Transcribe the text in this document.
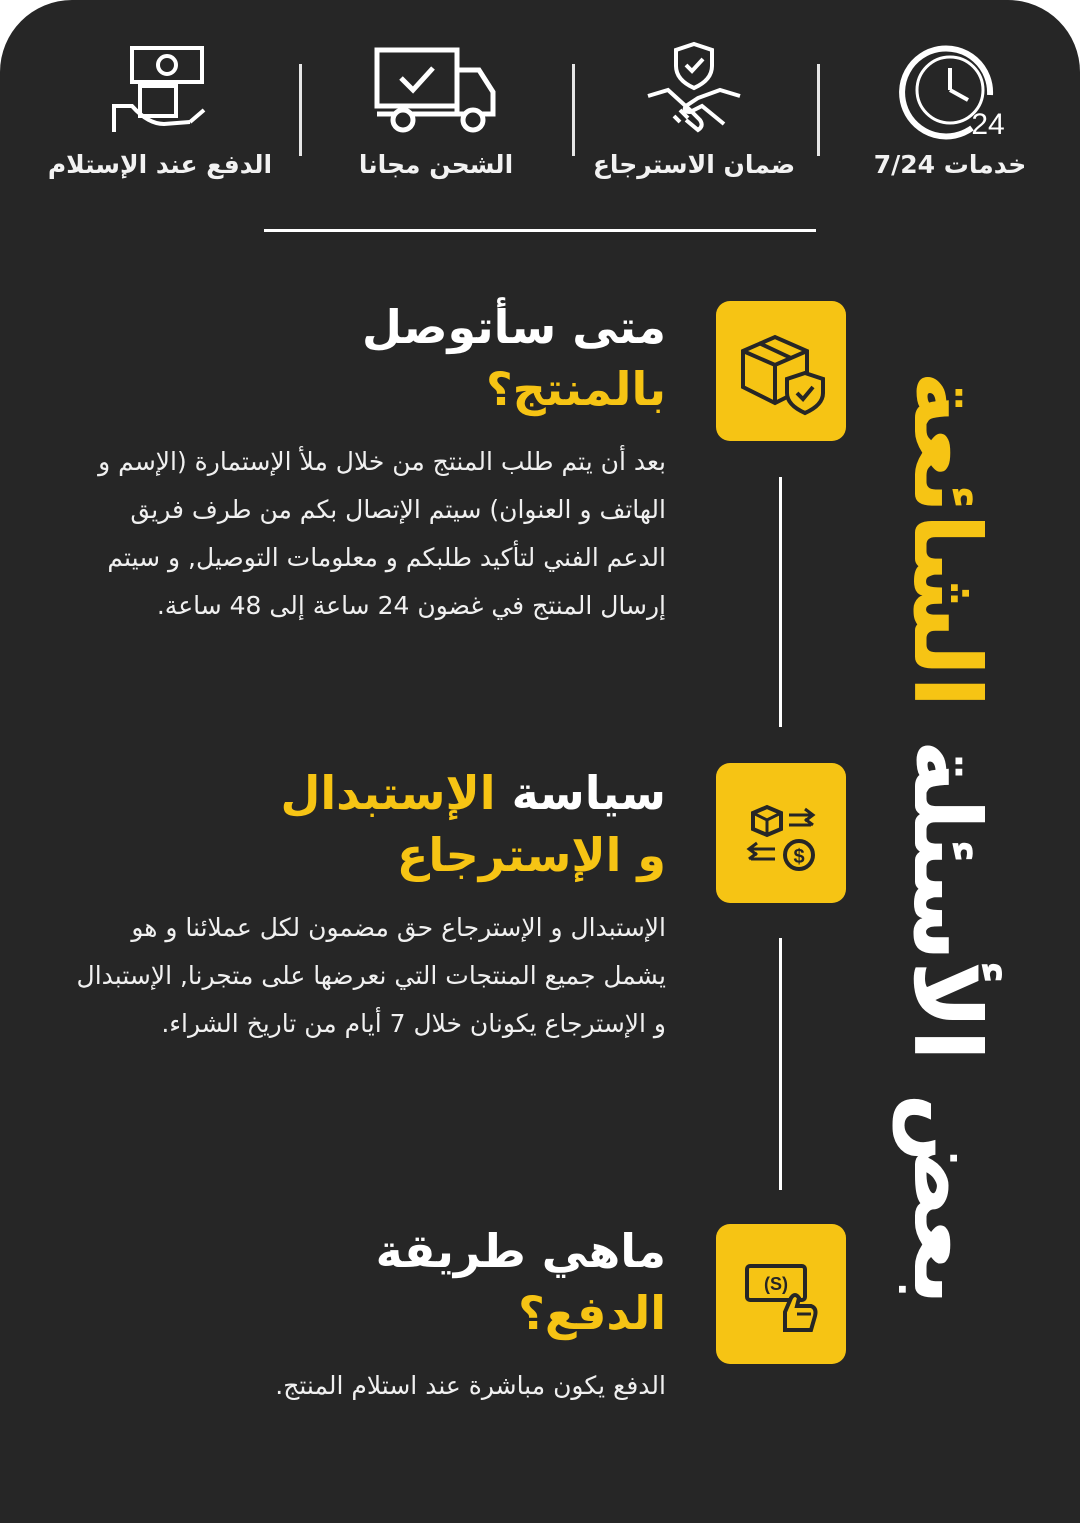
24
خدمات 7/24
ضمان الاسترجاع
الشحن مجانا
الدفع عند الإستلام
بعض الأسئلة الشائعة
$
(S)
متى سأتوصل
بالمنتج؟
بعد أن يتم طلب المنتج من خلال ملأ الإستمارة (الإسم و الهاتف و العنوان) سيتم الإتصال بكم من طرف فريق الدعم الفني لتأكيد طلبكم و معلومات التوصيل, و سيتم إرسال المنتج في غضون 24 ساعة إلى 48 ساعة.
سياسة الإستبدال
و الإسترجاع
الإستبدال و الإسترجاع حق مضمون لكل عملائنا و هو يشمل جميع المنتجات التي نعرضها على متجرنا, الإستبدال و الإسترجاع يكونان خلال 7 أيام من تاريخ الشراء.
ماهي طريقة
الدفع؟
الدفع يكون مباشرة عند استلام المنتج.
